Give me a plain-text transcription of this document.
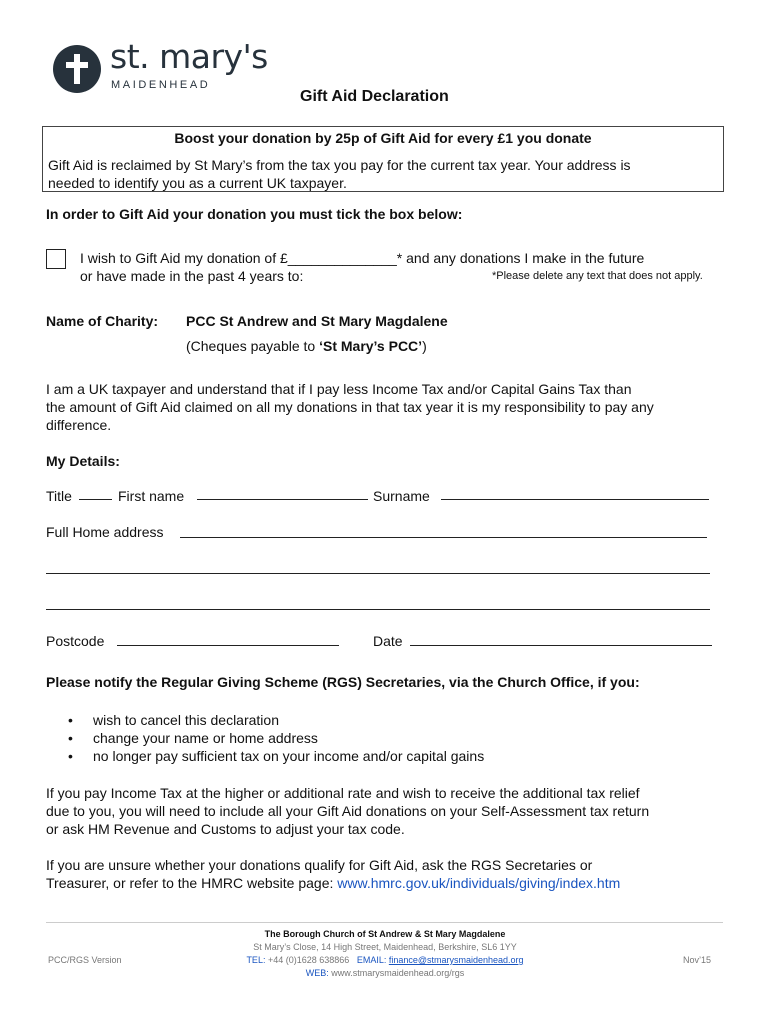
st. mary's
MAIDENHEAD
Gift Aid Declaration
Boost your donation by 25p of Gift Aid for every £1 you donate
Gift Aid is reclaimed by St Mary’s from the tax you pay for the current tax year. Your address is
needed to identify you as a current UK taxpayer.
In order to Gift Aid your donation you must tick the box below:
I wish to Gift Aid my donation of £______________* and any donations I make in the future
or have made in the past 4 years to:	*Please delete any text that does not apply.
Name of Charity: PCC St Andrew and St Mary Magdalene
(Cheques payable to ‘St Mary’s PCC’)
I am a UK taxpayer and understand that if I pay less Income Tax and/or Capital Gains Tax than
the amount of Gift Aid claimed on all my donations in that tax year it is my responsibility to pay any
difference.
My Details:
Title	First name	Surname
Full Home address
Postcode	Date
Please notify the Regular Giving Scheme (RGS) Secretaries, via the Church Office, if you:
• wish to cancel this declaration
• change your name or home address
• no longer pay sufficient tax on your income and/or capital gains
If you pay Income Tax at the higher or additional rate and wish to receive the additional tax relief
due to you, you will need to include all your Gift Aid donations on your Self-Assessment tax return
or ask HM Revenue and Customs to adjust your tax code.
If you are unsure whether your donations qualify for Gift Aid, ask the RGS Secretaries or
Treasurer, or refer to the HMRC website page: www.hmrc.gov.uk/individuals/giving/index.htm
The Borough Church of St Andrew & St Mary Magdalene
St Mary’s Close, 14 High Street, Maidenhead, Berkshire, SL6 1YY
TEL: +44 (0)1628 638866 EMAIL: finance@stmarysmaidenhead.org
WEB: www.stmarysmaidenhead.org/rgs
PCC/RGS Version	Nov’15
